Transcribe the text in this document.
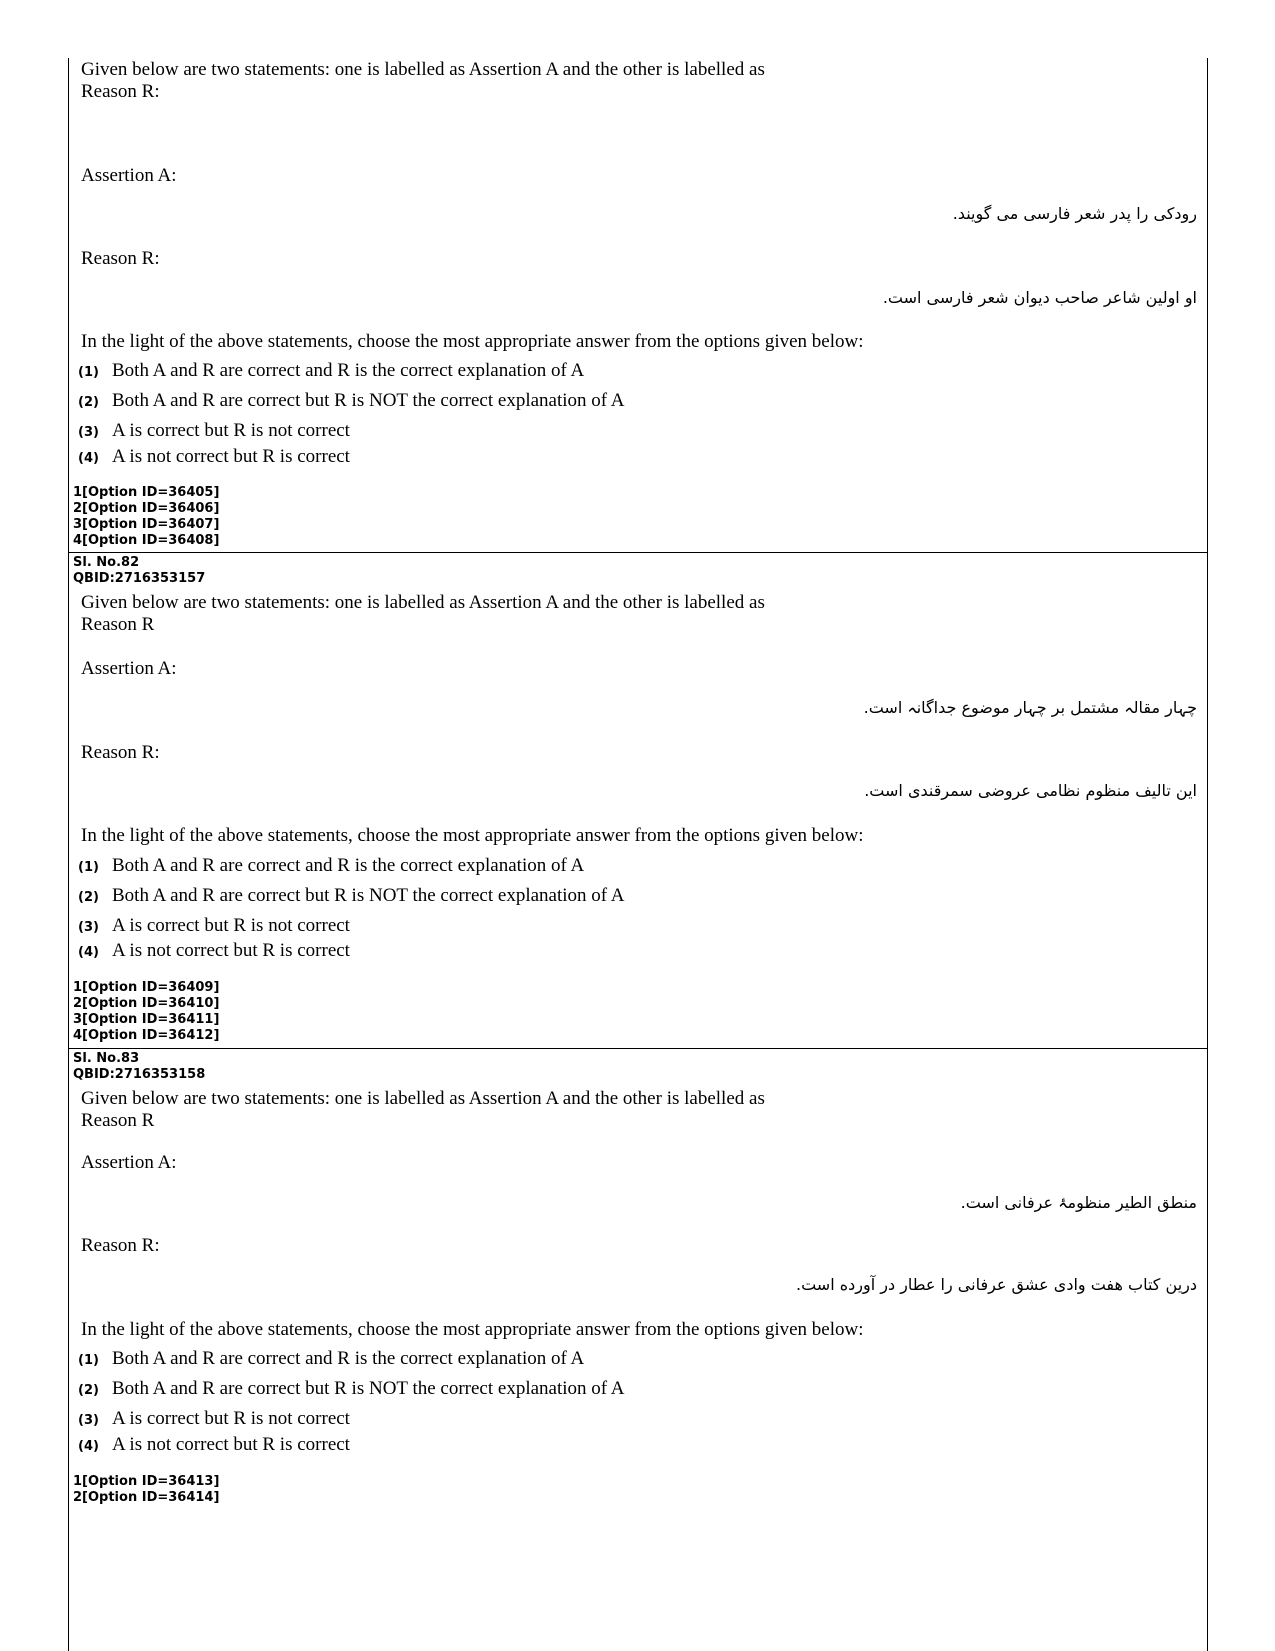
Given below are two statements: one is labelled as Assertion A and the other is labelled as
Reason R:
Assertion A:
رودکی را پدر شعر فارسی می گویند.
Reason R:
او اولین شاعر صاحب دیوان شعر فارسی است.
In the light of the above statements, choose the most appropriate answer from the options given below:
(1) Both A and R are correct and R is the correct explanation of A
(2) Both A and R are correct but R is NOT the correct explanation of A
(3) A is correct but R is not correct
(4) A is not correct but R is correct
1[Option ID=36405]
2[Option ID=36406]
3[Option ID=36407]
4[Option ID=36408]
Sl. No.82
QBID:2716353157
Given below are two statements: one is labelled as Assertion A and the other is labelled as
Reason R
Assertion A:
چہار مقالہ مشتمل بر چہار موضوع جداگانہ است.
Reason R:
این تالیف منظوم نظامی عروضی سمرقندی است.
In the light of the above statements, choose the most appropriate answer from the options given below:
(1) Both A and R are correct and R is the correct explanation of A
(2) Both A and R are correct but R is NOT the correct explanation of A
(3) A is correct but R is not correct
(4) A is not correct but R is correct
1[Option ID=36409]
2[Option ID=36410]
3[Option ID=36411]
4[Option ID=36412]
Sl. No.83
QBID:2716353158
Given below are two statements: one is labelled as Assertion A and the other is labelled as
Reason R
Assertion A:
منطق الطیر منظومۂ عرفانی است.
Reason R:
درین کتاب هفت وادی عشق عرفانی را عطار در آورده است.
In the light of the above statements, choose the most appropriate answer from the options given below:
(1) Both A and R are correct and R is the correct explanation of A
(2) Both A and R are correct but R is NOT the correct explanation of A
(3) A is correct but R is not correct
(4) A is not correct but R is correct
1[Option ID=36413]
2[Option ID=36414]
